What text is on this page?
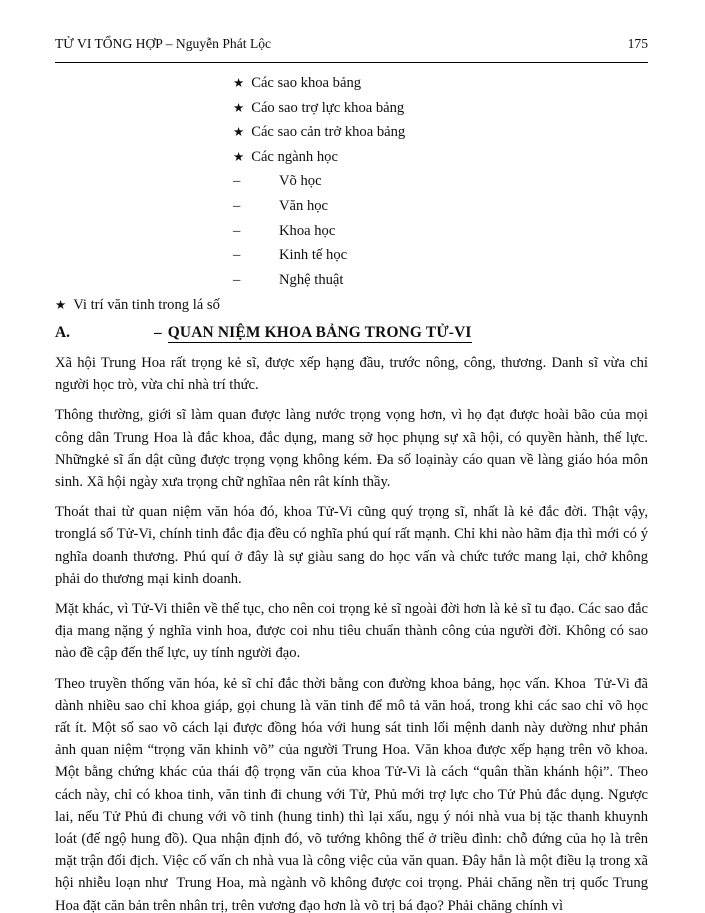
TỬ VI TỔNG HỢP – Nguyễn Phát Lộc	175
★ Các sao khoa bảng
★ Cáo sao trợ lực khoa bảng
★ Các sao cản trở khoa bảng
★ Các ngành học
–	Võ học
–	Văn học
–	Khoa học
–	Kinh tế học
–	Nghệ thuật
★ Vi trí văn tinh trong lá số
A.	– QUAN NIỆM KHOA BẢNG TRONG TỬ-VI

Xã hội Trung Hoa rất trọng kẻ sĩ, được xếp hạng đầu, trước nông, công, thương. Danh sĩ vừa chỉ người học trò, vừa chỉ nhà trí thức.

Thông thường, giới sĩ làm quan được làng nước trọng vọng hơn, vì họ đạt được hoài bão của mọi công dân Trung Hoa là đắc khoa, đắc dụng, mang sở học phụng sự xã hội, có quyền hành, thế lực. Nhữngkẻ sĩ ẩn dật cũng được trọng vọng không kém. Đa số loạinày cáo quan về làng giáo hóa môn sinh. Xã hội ngày xưa trọng chữ nghĩaa nên rât kính thầy.

Thoát thai từ quan niệm văn hóa đó, khoa Tử-Vi cũng quý trọng sĩ, nhất là kẻ đắc đời. Thật vậy, tronglá số Tử-Vi, chính tinh đắc địa đều có nghĩa phú quí rất mạnh. Chỉ khi nào hãm địa thì mới có ý nghĩa doanh thương. Phú quí ở đây là sự giàu sang do học vấn và chức tước mang lại, chở không phải do thương mại kinh doanh.

Mặt khác, vì Tử-Vi thiên về thế tục, cho nên coi trọng kẻ sĩ ngoài đời hơn là kẻ sĩ tu đạo. Các sao đắc địa mang nặng ý nghĩa vinh hoa, được coi nhu tiêu chuẩn thành công của người đời. Không có sao nào đề cập đến thế lực, uy tính người đạo.

Theo truyền thống văn hóa, kẻ sĩ chỉ đắc thời bằng con đường khoa bảng, học vấn. Khoa  Tử-Vi đã dành nhiều sao chỉ khoa giáp, gọi chung là văn tinh để mô tả văn hoá, trong khi các sao chỉ võ học rất ít. Một số sao võ cách lại được đồng hóa với hung sát tinh lối mệnh danh này dường như phản ảnh quan niệm “trọng văn khinh võ” của người Trung Hoa. Văn khoa được xếp hạng trên võ khoa. Một bằng chứng khác của thái độ trọng văn của khoa Tử-Vi là cách “quân thần khánh hội”. Theo cách này, chỉ có khoa tinh, văn tinh đi chung với Tử, Phủ mới trợ lực cho Tử Phủ đắc dụng. Ngược lai, nếu Tử Phủ đi chung với võ tinh (hung tinh) thì lại xấu, ngụ ý nói nhà vua bị tặc thanh khuynh loát (đế ngộ hung đồ). Qua nhận định đó, võ tướng không thể ở triều đình: chỗ đứng của họ là trên mặt trận đối địch. Việc cố vấn ch nhà vua là công việc của văn quan. Đây hẳn là một điều lạ trong xã hội nhiễu loạn như  Trung Hoa, mà ngành võ không được coi trọng. Phải chăng nền trị quốc Trung Hoa đặt căn bản trên nhân trị, trên vương đạo hơn là võ trị bá đạo? Phải chăng chính vì
